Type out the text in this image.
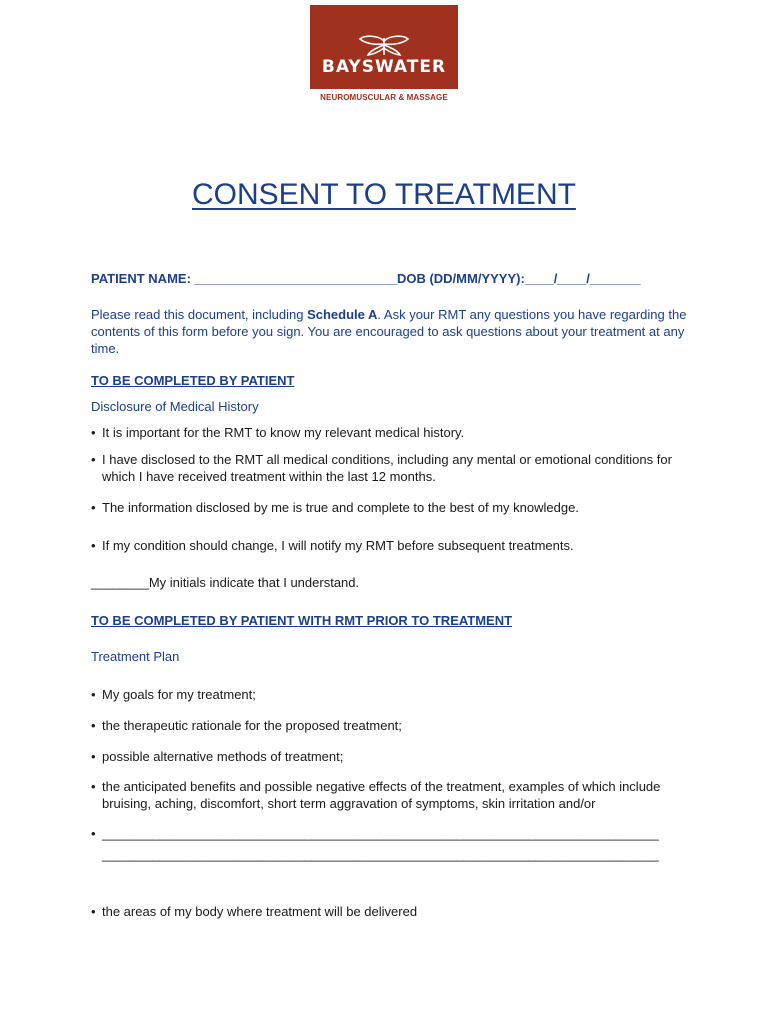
BAYSWATER
NEUROMUSCULAR & MASSAGE
CONSENT TO TREATMENT
PATIENT NAME: ____________________________DOB (DD/MM/YYYY):____/____/_______
Please read this document, including Schedule A. Ask your RMT any questions you have regarding the contents of this form before you sign. You are encouraged to ask questions about your treatment at any time.
TO BE COMPLETED BY PATIENT
Disclosure of Medical History
• It is important for the RMT to know my relevant medical history.
• I have disclosed to the RMT all medical conditions, including any mental or emotional conditions for which I have received treatment within the last 12 months.
• The information disclosed by me is true and complete to the best of my knowledge.
• If my condition should change, I will notify my RMT before subsequent treatments.
________My initials indicate that I understand.
TO BE COMPLETED BY PATIENT WITH RMT PRIOR TO TREATMENT
Treatment Plan
• My goals for my treatment;
• the therapeutic rationale for the proposed treatment;
• possible alternative methods of treatment;
• the anticipated benefits and possible negative effects of the treatment, examples of which include bruising, aching, discomfort, short term aggravation of symptoms, skin irritation and/or
• _____________________________________________________________________________
_____________________________________________________________________________
• the areas of my body where treatment will be delivered
